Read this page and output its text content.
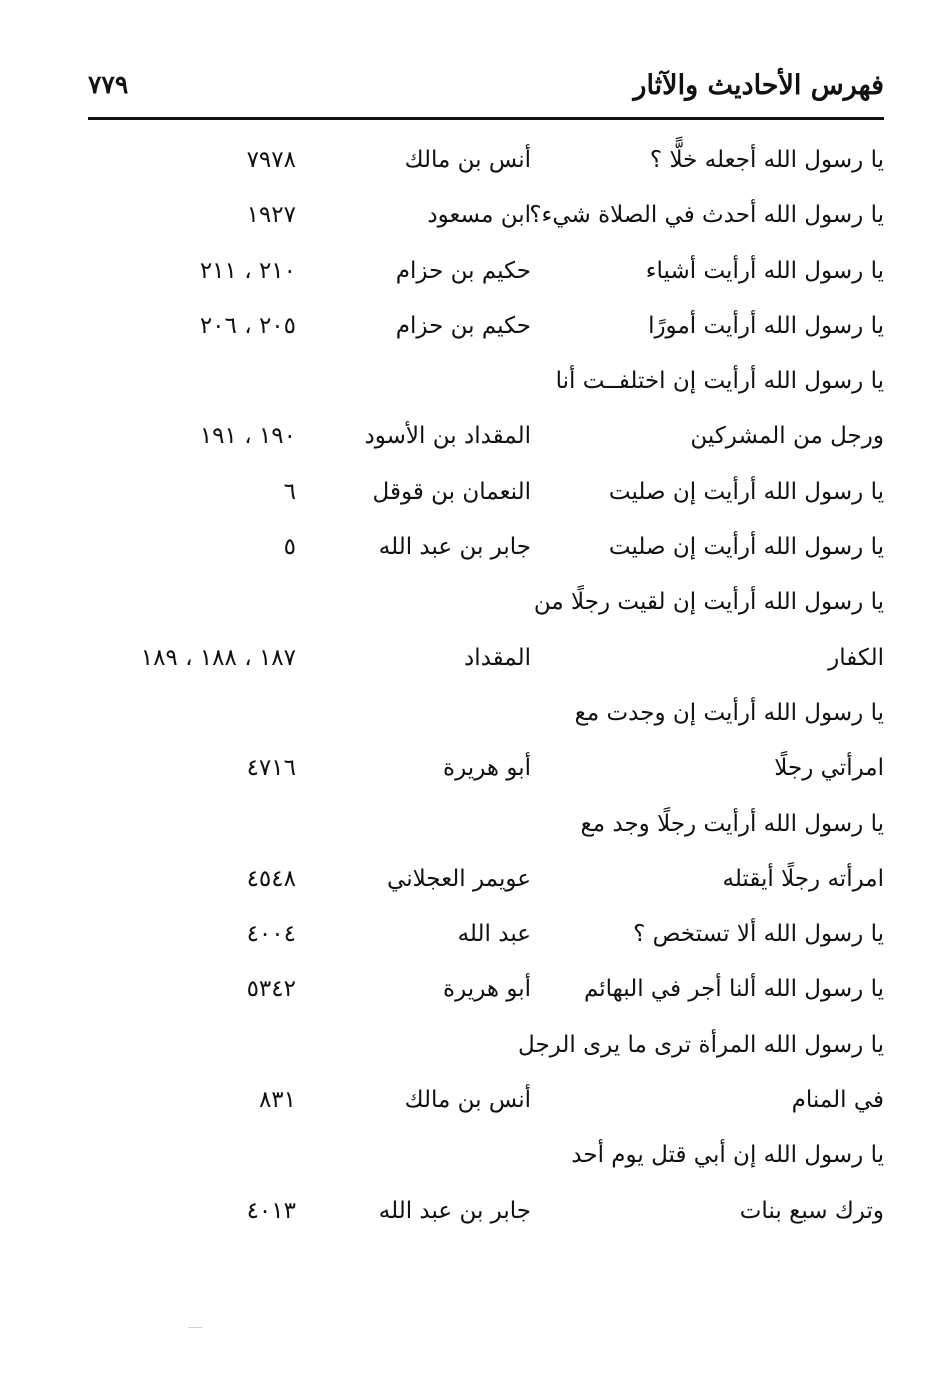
فهرس الأحاديث والآثار
٧٧٩
يا رسول الله أجعله خلًّا ؟
أنس بن مالك
٧٩٧٨
يا رسول الله أحدث في الصلاة شيء؟
ابن مسعود
١٩٢٧
يا رسول الله أرأيت أشياء
حكيم بن حزام
٢١٠ ، ٢١١
يا رسول الله أرأيت أمورًا
حكيم بن حزام
٢٠٥ ، ٢٠٦
يا رسول الله أرأيت إن اختلفــت أنا
ورجل من المشركين
المقداد بن الأسود
١٩٠ ، ١٩١
يا رسول الله أرأيت إن صليت
النعمان بن قوقل
٦
يا رسول الله أرأيت إن صليت
جابر بن عبد الله
٥
يا رسول الله أرأيت إن لقيت رجلًا من
الكفار
المقداد
١٨٧ ، ١٨٨ ، ١٨٩
يا رسول الله أرأيت إن وجدت مع
امرأتي رجلًا
أبو هريرة
٤٧١٦
يا رسول الله أرأيت رجلًا وجد مع
امرأته رجلًا أيقتله
عويمر العجلاني
٤٥٤٨
يا رسول الله ألا تستخص ؟
عبد الله
٤٠٠٤
يا رسول الله ألنا أجر في البهائم
أبو هريرة
٥٣٤٢
يا رسول الله المرأة ترى ما يرى الرجل
في المنام
أنس بن مالك
٨٣١
يا رسول الله إن أبي قتل يوم أحد
وترك سبع بنات
جابر بن عبد الله
٤٠١٣
